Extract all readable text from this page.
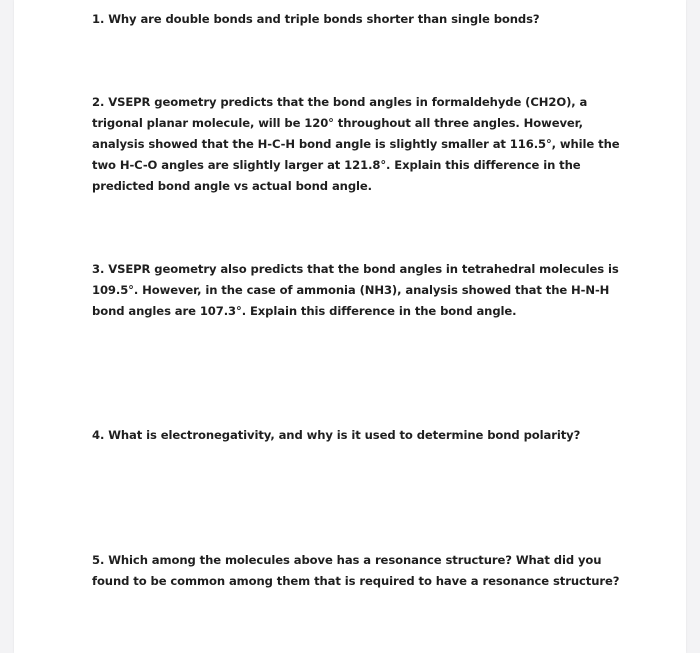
1. Why are double bonds and triple bonds shorter than single bonds?

2. VSEPR geometry predicts that the bond angles in formaldehyde (CH2O), a trigonal planar molecule, will be 120° throughout all three angles. However, analysis showed that the H-C-H bond angle is slightly smaller at 116.5°, while the two H-C-O angles are slightly larger at 121.8°. Explain this difference in the predicted bond angle vs actual bond angle.

3. VSEPR geometry also predicts that the bond angles in tetrahedral molecules is 109.5°. However, in the case of ammonia (NH3), analysis showed that the H-N-H bond angles are 107.3°. Explain this difference in the bond angle.

4. What is electronegativity, and why is it used to determine bond polarity?

5. Which among the molecules above has a resonance structure? What did you found to be common among them that is required to have a resonance structure?
